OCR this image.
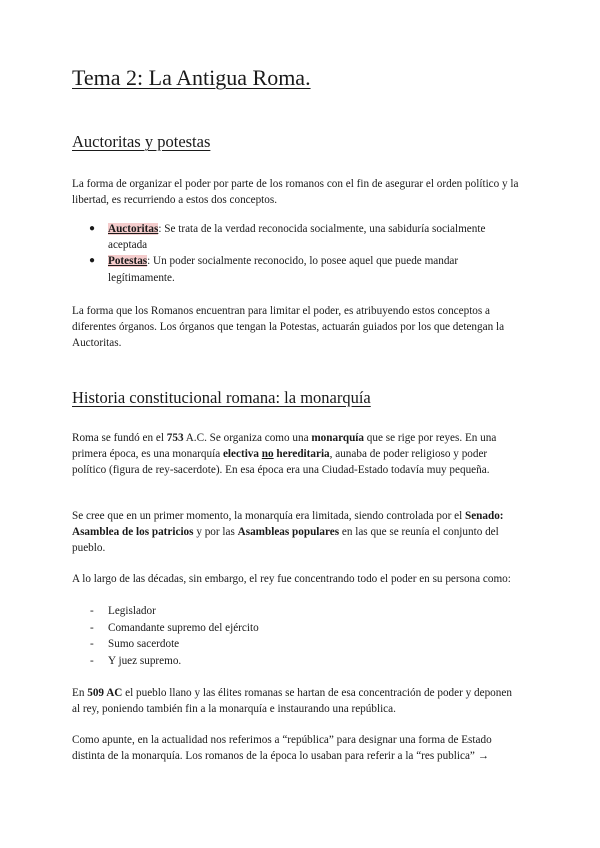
Tema 2: La Antigua Roma.
Auctoritas y potestas

La forma de organizar el poder por parte de los romanos con el fin de asegurar el orden político y la libertad, es recurriendo a estos dos conceptos.

● Auctoritas: Se trata de la verdad reconocida socialmente, una sabiduría socialmente aceptada
● Potestas: Un poder socialmente reconocido, lo posee aquel que puede mandar legítimamente.

La forma que los Romanos encuentran para limitar el poder, es atribuyendo estos conceptos a diferentes órganos. Los órganos que tengan la Potestas, actuarán guiados por los que detengan la Auctoritas.

Historia constitucional romana: la monarquía

Roma se fundó en el 753 A.C. Se organiza como una monarquía que se rige por reyes. En una primera época, es una monarquía electiva no hereditaria, aunaba de poder religioso y poder político (figura de rey-sacerdote). En esa época era una Ciudad-Estado todavía muy pequeña.

Se cree que en un primer momento, la monarquía era limitada, siendo controlada por el Senado: Asamblea de los patricios y por las Asambleas populares en las que se reunía el conjunto del pueblo.

A lo largo de las décadas, sin embargo, el rey fue concentrando todo el poder en su persona como:

- Legislador
- Comandante supremo del ejército
- Sumo sacerdote
- Y juez supremo.

En 509 AC el pueblo llano y las élites romanas se hartan de esa concentración de poder y deponen al rey, poniendo también fin a la monarquía e instaurando una república.

Como apunte, en la actualidad nos referimos a “república” para designar una forma de Estado distinta de la monarquía. Los romanos de la época lo usaban para referir a la “res publica” →
